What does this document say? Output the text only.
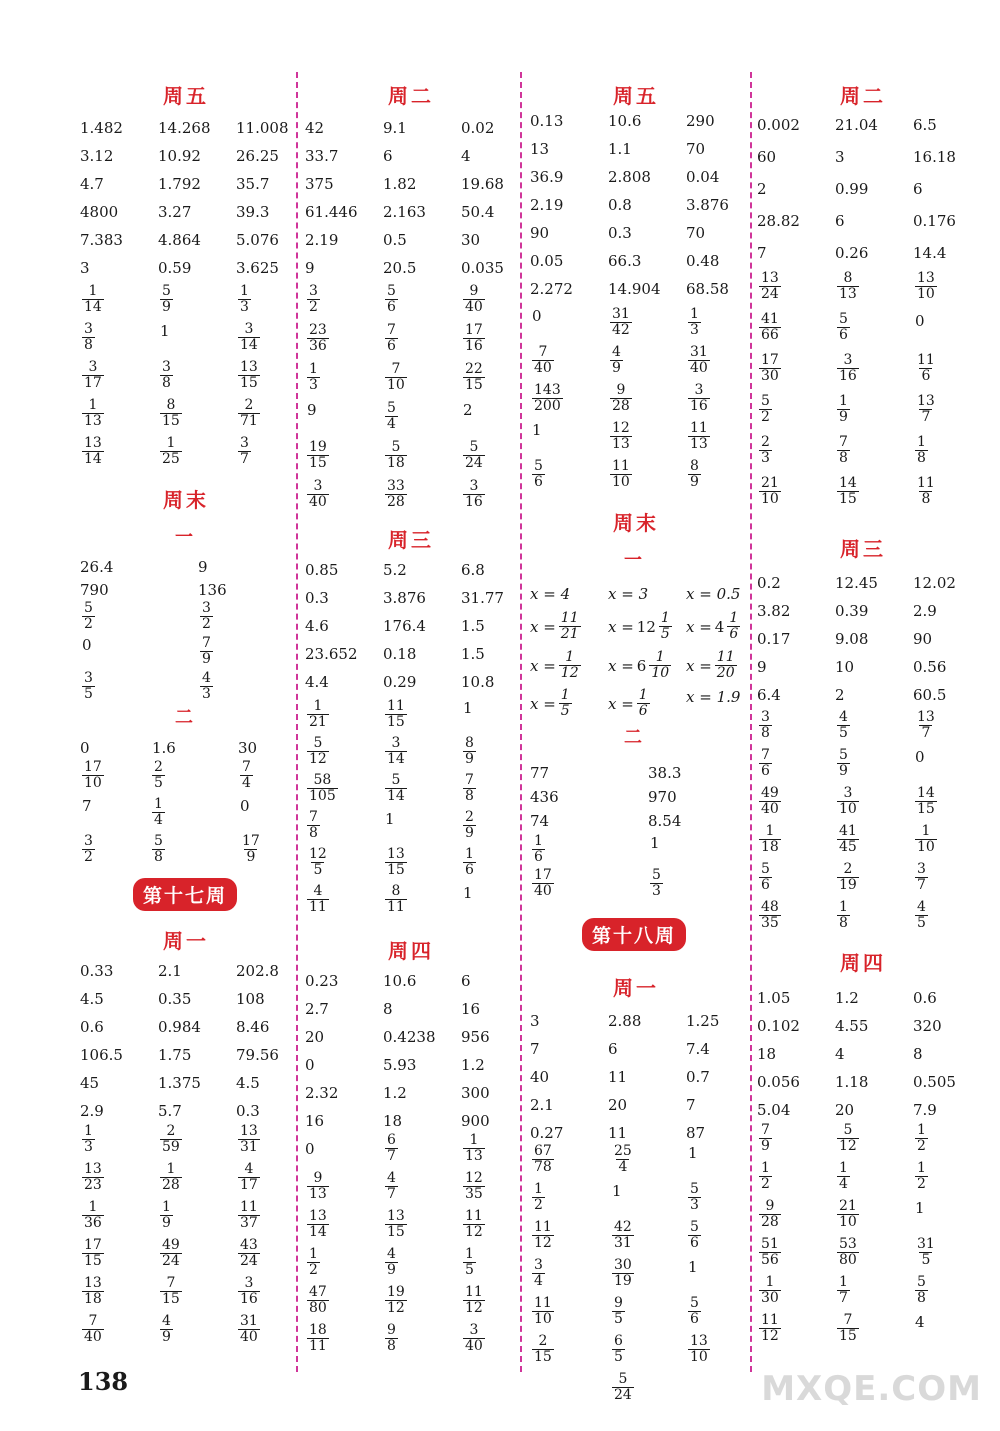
周五
周末
周一
周二
周三
周四
周五
周末
周一
周二
周三
周四
一
二
一
二
第十七周
第十八周
1.482 14.268 11.008
3.12	10.92 26.25
4.7	1.792 35.7
4800	3.27	39.3
7.383 4.864 5.076
3	0.59	3.625
$\frac{1}{14}$	$\frac{5}{9}$	$\frac{1}{3}$
$\frac{3}{8}$	1	$\frac{3}{14}$
$\frac{3}{17}$	$\frac{3}{8}$	$\frac{13}{15}$
$\frac{1}{13}$	$\frac{8}{15}$	$\frac{2}{71}$
$\frac{13}{14}$	$\frac{1}{25}$	$\frac{3}{7}$
26.4	9
790	136
$\frac{5}{2}$	$\frac{3}{2}$
0	$\frac{7}{9}$
$\frac{3}{5}$	$\frac{4}{3}$
0	1.6	30
$\frac{17}{10}$	$\frac{2}{5}$	$\frac{7}{4}$
7	$\frac{1}{4}$	0
$\frac{3}{2}$	$\frac{5}{8}$	$\frac{17}{9}$
0.33	2.1	202.8
4.5	0.35	108
0.6	0.984 8.46
106.5 1.75	79.56
45	1.375 4.5
2.9	5.7	0.3
$\frac{1}{3}$	$\frac{2}{59}$	$\frac{13}{31}$
$\frac{13}{23}$	$\frac{1}{28}$	$\frac{4}{17}$
$\frac{1}{36}$	$\frac{1}{9}$	$\frac{11}{37}$
$\frac{17}{15}$	$\frac{49}{24}$	$\frac{43}{24}$
$\frac{13}{18}$	$\frac{7}{15}$	$\frac{3}{16}$
$\frac{7}{40}$	$\frac{4}{9}$	$\frac{31}{40}$
42	9.1	0.02
33.7	6	4
375	1.82	19.68
61.446 2.163 50.4
2.19	0.5	30
9	20.5	0.035
$\frac{3}{2}$	$\frac{5}{6}$	$\frac{9}{40}$
$\frac{23}{36}$	$\frac{7}{6}$	$\frac{17}{16}$
$\frac{1}{3}$	$\frac{7}{10}$	$\frac{22}{15}$
9	$\frac{5}{4}$	2
$\frac{19}{15}$	$\frac{5}{18}$	$\frac{5}{24}$
$\frac{3}{40}$	$\frac{33}{28}$	$\frac{3}{16}$
0.85	5.2	6.8
0.3	3.876 31.77
4.6	176.4 1.5
23.652 0.18	1.5
4.4	0.29	10.8
$\frac{1}{21}$	$\frac{11}{15}$	1
$\frac{5}{12}$	$\frac{3}{14}$	$\frac{8}{9}$
$\frac{58}{105}$	$\frac{5}{14}$	$\frac{7}{8}$
$\frac{7}{8}$	1	$\frac{2}{9}$
$\frac{12}{5}$	$\frac{13}{15}$	$\frac{1}{6}$
$\frac{4}{11}$	$\frac{8}{11}$	1
0.23	10.6	6
2.7	8	16
20	0.4238 956
0	5.93	1.2
2.32	1.2	300
16	18	900
0	$\frac{6}{7}$	$\frac{1}{13}$
$\frac{9}{13}$	$\frac{4}{7}$	$\frac{12}{35}$
$\frac{13}{14}$	$\frac{13}{15}$	$\frac{11}{12}$
$\frac{1}{2}$	$\frac{4}{9}$	$\frac{1}{5}$
$\frac{47}{80}$	$\frac{19}{12}$	$\frac{11}{12}$
$\frac{18}{11}$	$\frac{9}{8}$	$\frac{3}{40}$
0.13	10.6	290
13	1.1	70
36.9	2.808 0.04
2.19	0.8	3.876
90	0.3	70
0.05	66.3	0.48
2.272 14.904 68.58
0	$\frac{31}{42}$	$\frac{1}{3}$
$\frac{7}{40}$	$\frac{4}{9}$	$\frac{31}{40}$
$\frac{143}{200}$	$\frac{9}{28}$	$\frac{3}{16}$
1	$\frac{12}{13}$	$\frac{11}{13}$
$\frac{5}{6}$	$\frac{11}{10}$	$\frac{8}{9}$
77	38.3
436	970
74	8.54
$\frac{1}{6}$	1
$\frac{17}{40}$	$\frac{5}{3}$
3	2.88	1.25
7	6	7.4
40	11	0.7
2.1	20	7
0.27	11	87
$\frac{67}{78}$	$\frac{25}{4}$	1
$\frac{1}{2}$	1	$\frac{5}{3}$
$\frac{11}{12}$	$\frac{42}{31}$	$\frac{5}{6}$
$\frac{3}{4}$	$\frac{30}{19}$	1
$\frac{11}{10}$	$\frac{9}{5}$	$\frac{5}{6}$
$\frac{2}{15}$	$\frac{6}{5}$	$\frac{13}{10}$
$\frac{5}{24}$
0.002 21.04 6.5
60	3	16.18
2	0.99	6
28.82 6	0.176
7	0.26	14.4
$\frac{13}{24}$	$\frac{8}{13}$	$\frac{13}{10}$
$\frac{41}{66}$	$\frac{5}{6}$	0
$\frac{17}{30}$	$\frac{3}{16}$	$\frac{11}{6}$
$\frac{5}{2}$	$\frac{1}{9}$	$\frac{13}{7}$
$\frac{2}{3}$	$\frac{7}{8}$	$\frac{1}{8}$
$\frac{21}{10}$	$\frac{14}{15}$	$\frac{11}{8}$
0.2	12.45 12.02
3.82	0.39	2.9
0.17	9.08	90
9	10	0.56
6.4	2	60.5
$\frac{3}{8}$	$\frac{4}{5}$	$\frac{13}{7}$
$\frac{7}{6}$	$\frac{5}{9}$	0
$\frac{49}{40}$	$\frac{3}{10}$	$\frac{14}{15}$
$\frac{1}{18}$	$\frac{41}{45}$	$\frac{1}{10}$
$\frac{5}{6}$	$\frac{2}{19}$	$\frac{3}{7}$
$\frac{48}{35}$	$\frac{1}{8}$	$\frac{4}{5}$
1.05	1.2	0.6
0.102 4.55	320
18	4	8
0.056 1.18	0.505
5.04	20	7.9
$\frac{7}{9}$	$\frac{5}{12}$	$\frac{1}{2}$
$\frac{1}{2}$	$\frac{1}{4}$	$\frac{1}{2}$
$\frac{9}{28}$	$\frac{21}{10}$	1
$\frac{51}{56}$	$\frac{53}{80}$	$\frac{31}{5}$
$\frac{1}{30}$	$\frac{1}{7}$	$\frac{5}{8}$
$\frac{11}{12}$	$\frac{7}{15}$	4
x = 4	x = 3	x = 0.5
$x = \frac{11}{21}$ $x = 12 \frac{1}{5}$ $x = 4 \frac{1}{6}$
$x = \frac{1}{12}$ $x = 6 \frac{1}{10}$ $x = \frac{11}{20}$
$x = \frac{1}{5}$ $x = \frac{1}{6}$ x = 1.9
138	MXQE.COM
